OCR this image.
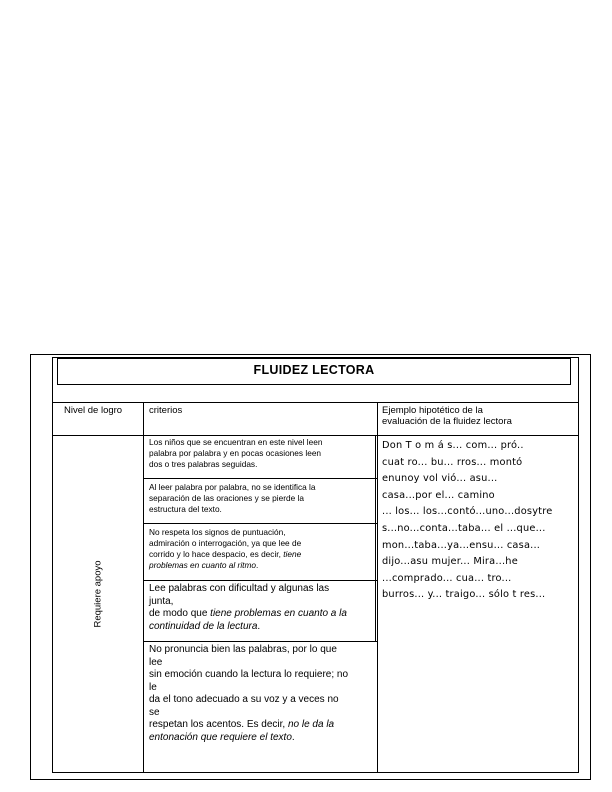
FLUIDEZ LECTORA
Nivel de logro	criterios	Ejemplo hipotético de la
evaluación de la fluidez lectora
Requiere apoyo
Los niños que se encuentran en este nivel leen
palabra por palabra y en pocas ocasiones leen
dos o tres palabras seguidas.
Al leer palabra por palabra, no se identifica la
separación de las oraciones y se pierde la
estructura del texto.
No respeta los signos de puntuación,
admiración o interrogación, ya que lee de
corrido y lo hace despacio, es decir, tiene
problemas en cuanto al ritmo.
Lee palabras con dificultad y algunas las
junta,
de modo que tiene problemas en cuanto a la
continuidad de la lectura.
No pronuncia bien las palabras, por lo que
lee
sin emoción cuando la lectura lo requiere; no
le
da el tono adecuado a su voz y a veces no
se
respetan los acentos. Es decir, no le da la
entonación que requiere el texto.
Don T o m á s... com... pró..
cuat ro... bu... rros... montó
enunoy vol vió... asu...
casa...por el... camino
... los... los...contó...uno...dosytre
s...no...conta...taba... el ...que...
mon...taba...ya...ensu... casa...
dijo...asu mujer... Mira...he
...comprado... cua... tro...
burros... y... traigo... sólo t res...
